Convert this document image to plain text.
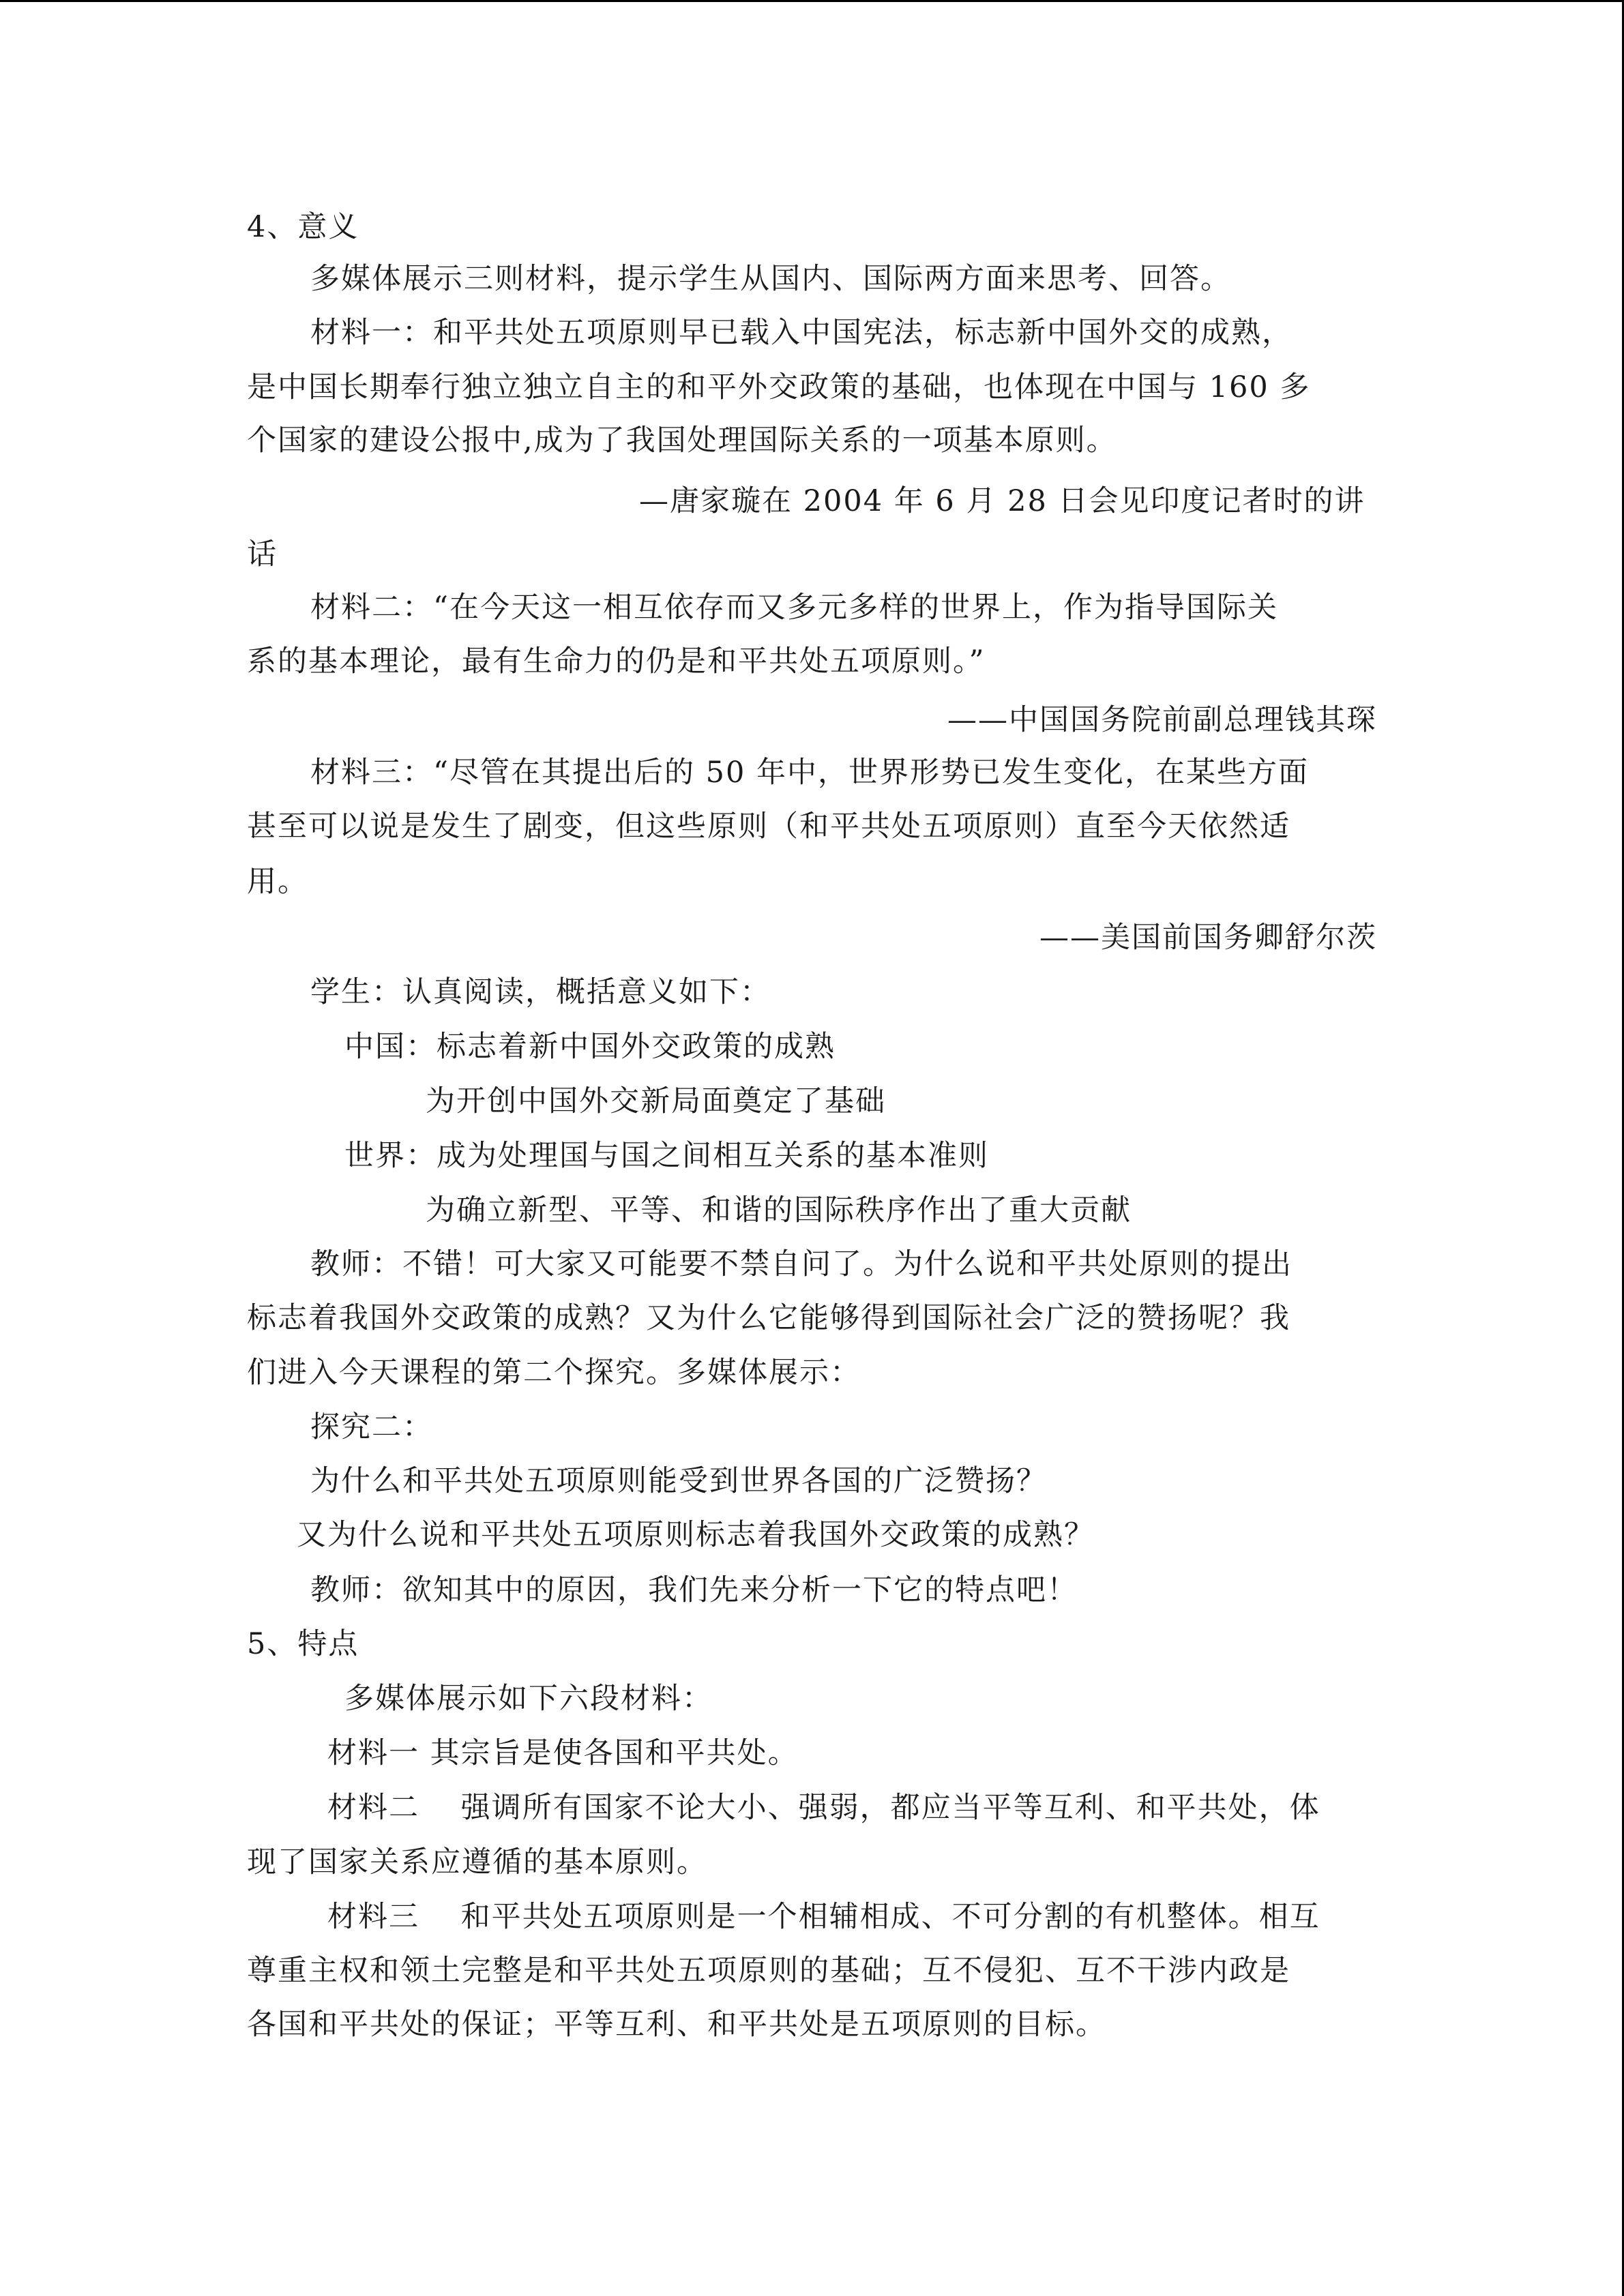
4、意义
多媒体展示三则材料，提示学生从国内、国际两方面来思考、回答。
材料一：和平共处五项原则早已载入中国宪法，标志新中国外交的成熟，
是中国长期奉行独立独立自主的和平外交政策的基础，也体现在中国与 160 多
个国家的建设公报中,成为了我国处理国际关系的一项基本原则。
—唐家璇在 2004 年 6 月 28 日会见印度记者时的讲
话
材料二：“在今天这一相互依存而又多元多样的世界上，作为指导国际关
系的基本理论，最有生命力的仍是和平共处五项原则。”
——中国国务院前副总理钱其琛
材料三：“尽管在其提出后的 50 年中，世界形势已发生变化，在某些方面
甚至可以说是发生了剧变，但这些原则（和平共处五项原则）直至今天依然适
用。
——美国前国务卿舒尔茨
学生：认真阅读，概括意义如下：
中国：标志着新中国外交政策的成熟
为开创中国外交新局面奠定了基础
世界：成为处理国与国之间相互关系的基本准则
为确立新型、平等、和谐的国际秩序作出了重大贡献
教师：不错！可大家又可能要不禁自问了。为什么说和平共处原则的提出
标志着我国外交政策的成熟？又为什么它能够得到国际社会广泛的赞扬呢？我
们进入今天课程的第二个探究。多媒体展示：
探究二：
为什么和平共处五项原则能受到世界各国的广泛赞扬？
又为什么说和平共处五项原则标志着我国外交政策的成熟？
教师：欲知其中的原因，我们先来分析一下它的特点吧！
5、特点
多媒体展示如下六段材料：
材料一 其宗旨是使各国和平共处。
材料二　 强调所有国家不论大小、强弱，都应当平等互利、和平共处，体
现了国家关系应遵循的基本原则。
材料三　 和平共处五项原则是一个相辅相成、不可分割的有机整体。相互
尊重主权和领土完整是和平共处五项原则的基础；互不侵犯、互不干涉内政是
各国和平共处的保证；平等互利、和平共处是五项原则的目标。
